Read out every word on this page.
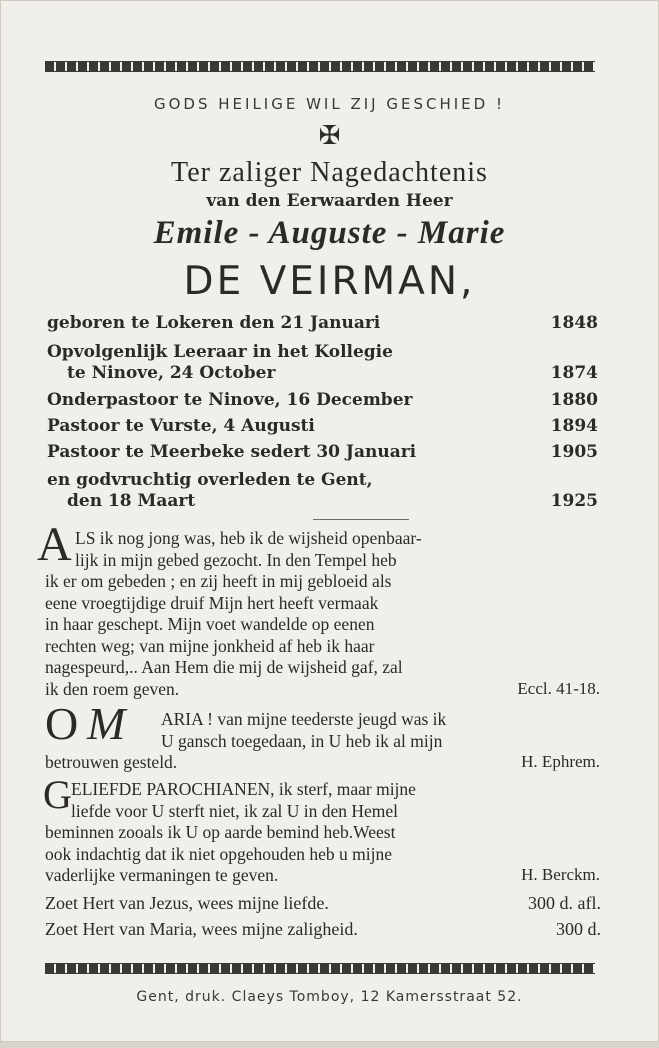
GODS HEILIGE WIL ZIJ GESCHIED !
✠
Ter zaliger Nagedachtenis
van den Eerwaarden Heer
Emile - Auguste - Marie
DE VEIRMAN,
geboren te Lokeren den 21 Januari	1848
Opvolgenlijk Leeraar in het Kollegie
te Ninove, 24 October	1874
Onderpastoor te Ninove, 16 December	1880
Pastoor te Vurste, 4 Augusti	1894
Pastoor te Meerbeke sedert 30 Januari	1905
en godvruchtig overleden te Gent,
den 18 Maart	1925
A LS ik nog jong was, heb ik de wijsheid openbaar-
lijk in mijn gebed gezocht. In den Tempel heb
ik er om gebeden ; en zij heeft in mij gebloeid als
eene vroegtijdige druif Mijn hert heeft vermaak
in haar geschept. Mijn voet wandelde op eenen
rechten weg; van mijne jonkheid af heb ik haar
nagespeurd,.. Aan Hem die mij de wijsheid gaf, zal
ik den roem geven.	Eccl. 41-18.
O M	ARIA ! van mijne teederste jeugd was ik
U gansch toegedaan, in U heb ik al mijn
betrouwen gesteld.	H. Ephrem.
G ELIEFDE PAROCHIANEN, ik sterf, maar mijne
liefde voor U sterft niet, ik zal U in den Hemel
beminnen zooals ik U op aarde bemind heb.Weest
ook indachtig dat ik niet opgehouden heb u mijne
vaderlijke vermaningen te geven.	H. Berckm.
Zoet Hert van Jezus, wees mijne liefde.	300 d. afl.
Zoet Hert van Maria, wees mijne zaligheid.	300 d.
Gent, druk. Claeys Tomboy, 12 Kamersstraat 52.
